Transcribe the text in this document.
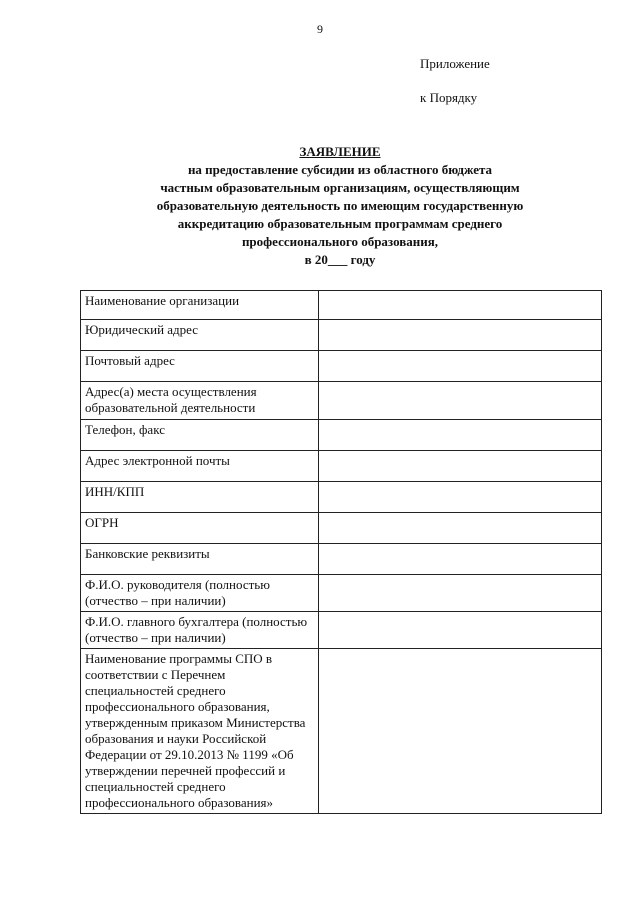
9
Приложение
к Порядку
ЗАЯВЛЕНИЕ
на предоставление субсидии из областного бюджета
частным образовательным организациям, осуществляющим
образовательную деятельность по имеющим государственную
аккредитацию образовательным программам среднего
профессионального образования,
в 20___ году
Наименование организации	
Юридический адрес	
Почтовый адрес	
Адрес(а) места осуществления образовательной деятельности	
Телефон, факс	
Адрес электронной почты	
ИНН/КПП	
ОГРН	
Банковские реквизиты	
Ф.И.О. руководителя (полностью (отчество – при наличии)	
Ф.И.О. главного бухгалтера (полностью (отчество – при наличии)	
Наименование программы СПО в соответствии с Перечнем специальностей среднего профессионального образования, утвержденным приказом Министерства образования и науки Российской Федерации от 29.10.2013 № 1199 «Об утверждении перечней профессий и специальностей среднего профессионального образования»	
